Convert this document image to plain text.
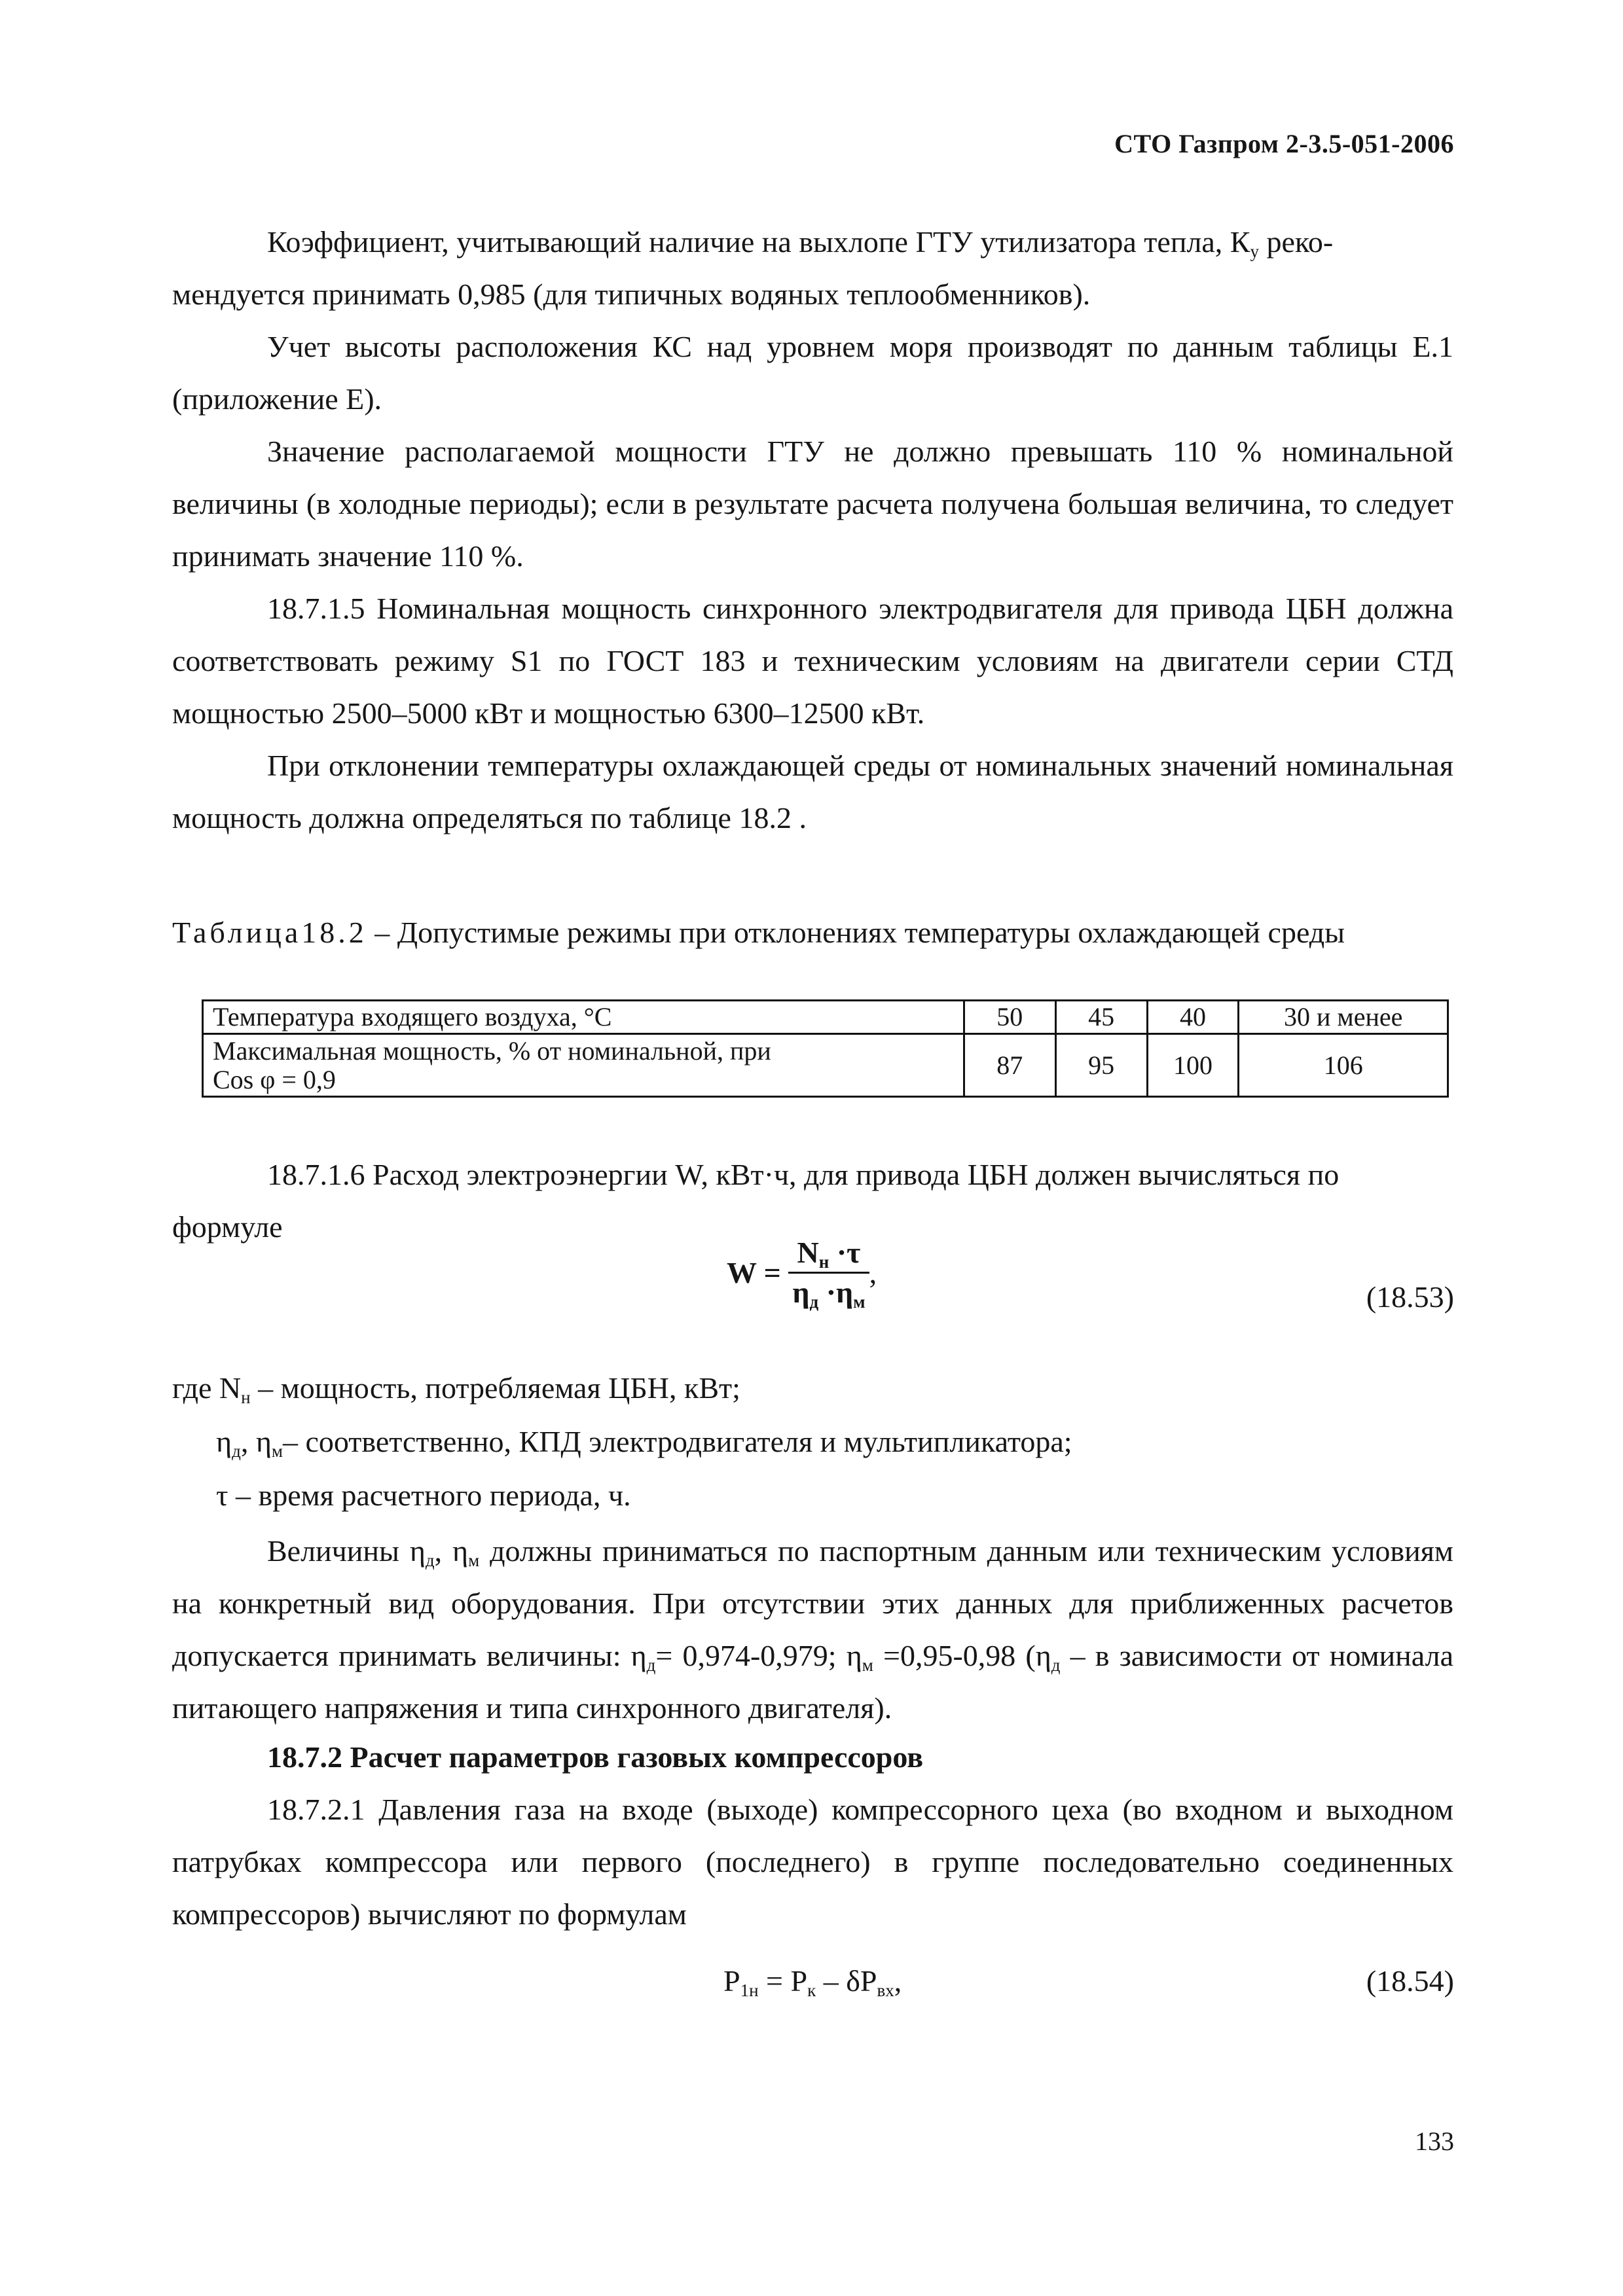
СТО Газпром 2-3.5-051-2006

Коэффициент, учитывающий наличие на выхлопе ГТУ утилизатора тепла, $К_у$ реко-

мендуется принимать 0,985 (для типичных водяных теплообменников).

Учет высоты расположения КС над уровнем моря производят по данным таблицы Е.1 (приложение Е).

Значение располагаемой мощности ГТУ не должно превышать 110 % номинальной величины (в холодные периоды); если в результате расчета получена большая величина, то следует принимать значение 110 %.

18.7.1.5 Номинальная мощность синхронного электродвигателя для привода ЦБН должна соответствовать режиму S1 по ГОСТ 183 и техническим условиям на двигатели серии СТД мощностью 2500–5000 кВт и мощностью 6300–12500 кВт.

При отклонении температуры охлаждающей среды от номинальных значений номинальная мощность должна определяться по таблице 18.2 .

Таблица18.2 – Допустимые режимы при отклонениях температуры охлаждающей среды
Температура входящего воздуха, °С	50	45	40	30 и менее
Максимальная мощность, % от номинальной, при
Cos φ = 0,9	87	95	100	106

18.7.1.6 Расход электроэнергии W, кВт·ч, для привода ЦБН должен вычисляться по

формуле

$W = \frac{N_н \cdot\tau}{\eta_д \cdot\eta_м}$ ,
(18.53)
где $N_н$ – мощность, потребляемая ЦБН, кВт;
$\eta_д$, $\eta_м-$ соответственно, КПД электродвигателя и мультипликатора;
τ – время расчетного периода, ч.

Величины $\eta_д$, $\eta_м$ должны приниматься по паспортным данным или техническим условиям на конкретный вид оборудования. При отсутствии этих данных для приближенных расчетов допускается принимать величины: $\eta_д= 0,974-0,979$; $\eta_м =0,95-0,98$ ($\eta_д$ – в зависимости от номинала питающего напряжения и типа синхронного двигателя).

18.7.2 Расчет параметров газовых компрессоров

18.7.2.1 Давления газа на входе (выходе) компрессорного цеха (во входном и выходном патрубках компрессора или первого (последнего) в группе последовательно соединенных компрессоров) вычисляют по формулам

$P_{1н} = P_к - \delta P_{вх}$,	(18.54)
133
